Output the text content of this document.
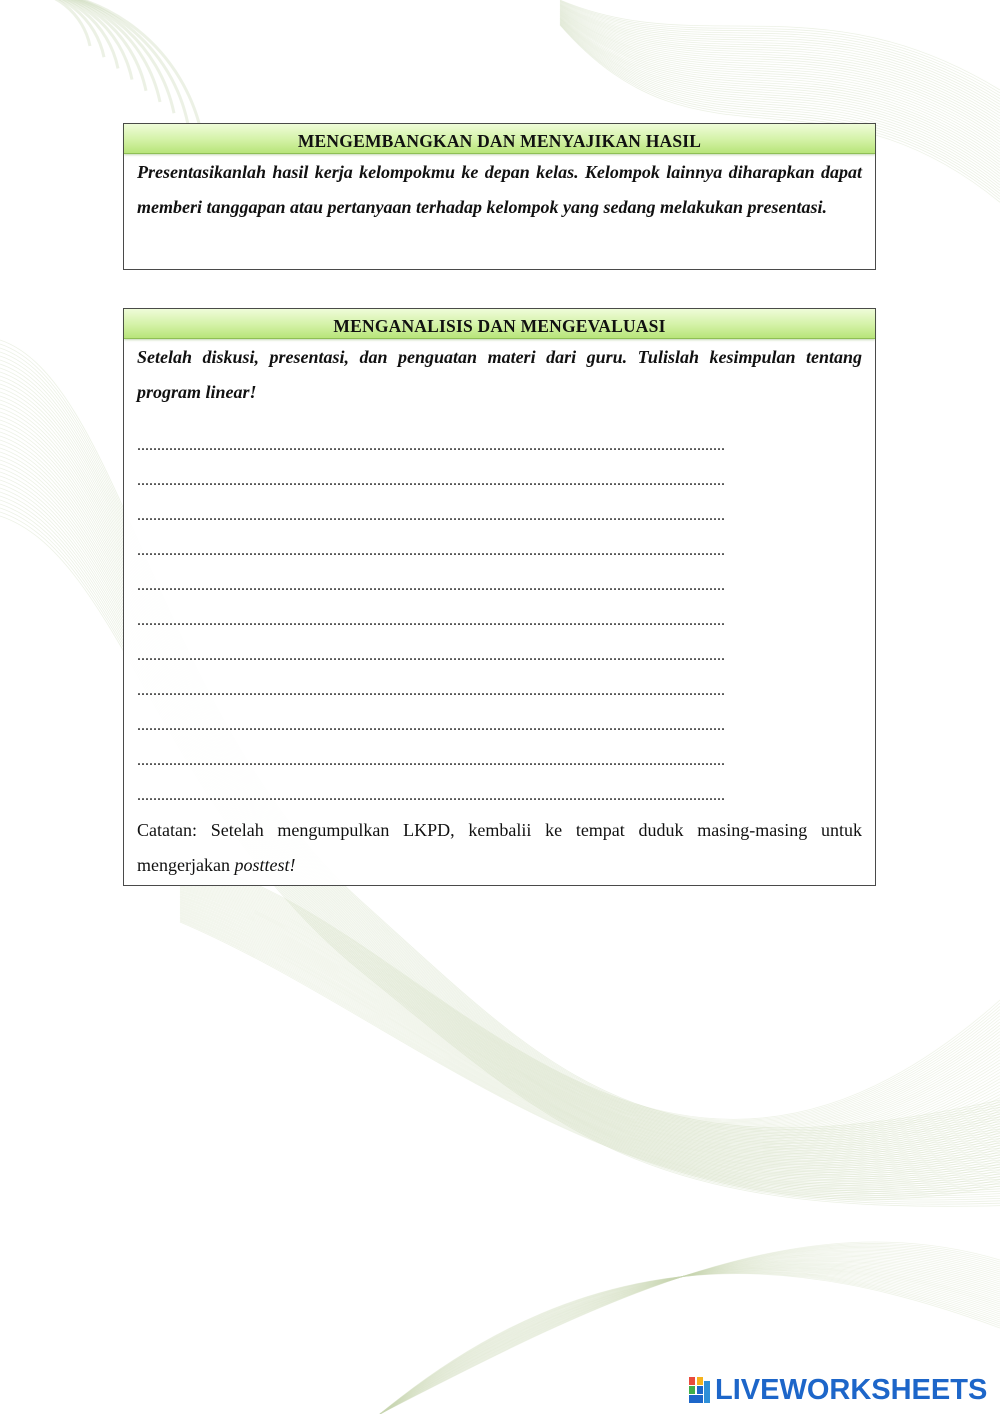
MENGEMBANGKAN DAN MENYAJIKAN HASIL

Presentasikanlah hasil kerja kelompokmu ke depan kelas. Kelompok lainnya diharapkan dapat memberi tanggapan atau pertanyaan terhadap kelompok yang sedang melakukan presentasi.

MENGANALISIS DAN MENGEVALUASI

Setelah diskusi, presentasi, dan penguatan materi dari guru. Tulislah kesimpulan tentang program linear!

...................................................................................................................................................
...................................................................................................................................................
...................................................................................................................................................
...................................................................................................................................................
...................................................................................................................................................
...................................................................................................................................................
...................................................................................................................................................
...................................................................................................................................................
...................................................................................................................................................
...................................................................................................................................................
...................................................................................................................................................

Catatan: Setelah mengumpulkan LKPD, kembalii ke tempat duduk masing-masing untuk mengerjakan posttest!

LIVEWORKSHEETS
